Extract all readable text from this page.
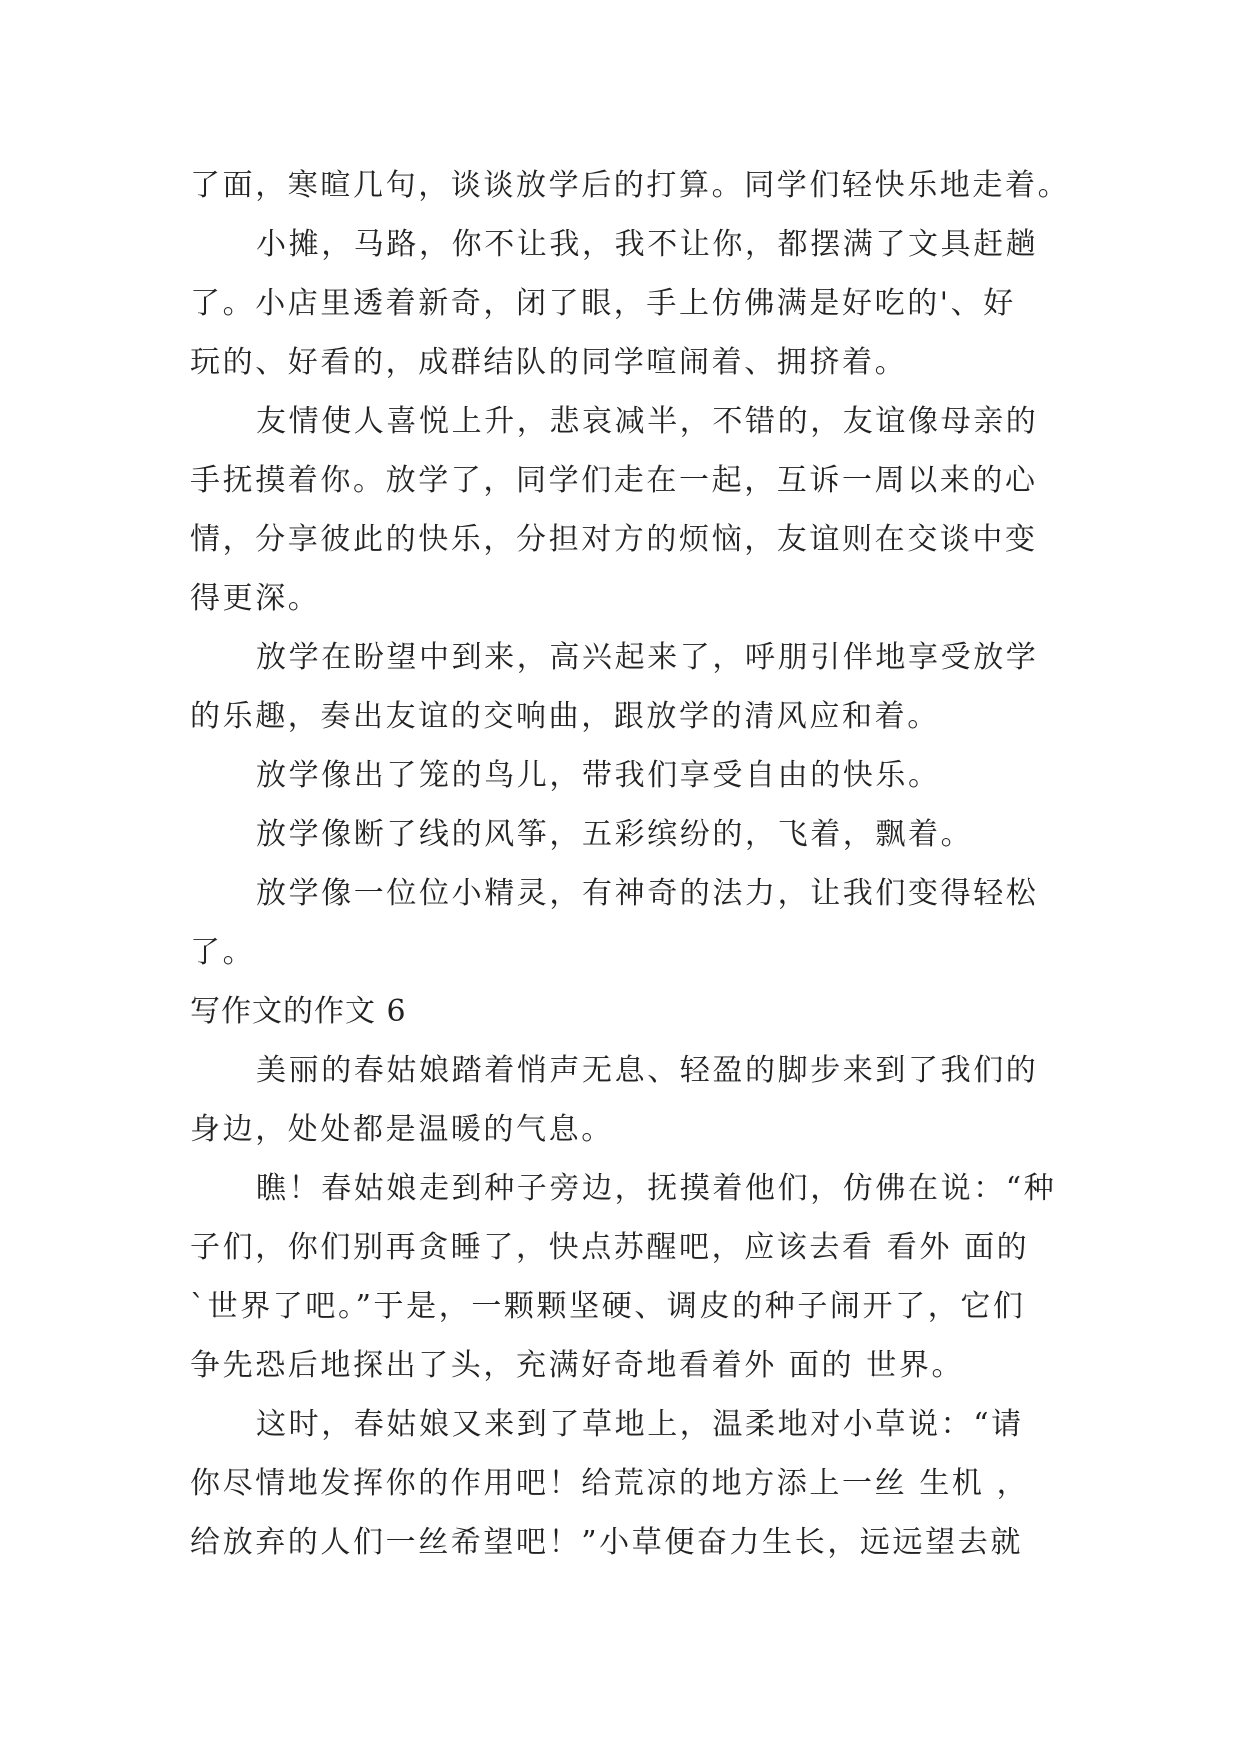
了面，寒暄几句，谈谈放学后的打算。同学们轻快乐地走着。
小摊，马路，你不让我，我不让你，都摆满了文具赶趟
了。小店里透着新奇，闭了眼，手上仿佛满是好吃的'、好
玩的、好看的，成群结队的同学喧闹着、拥挤着。
友情使人喜悦上升，悲哀减半，不错的，友谊像母亲的
手抚摸着你。放学了，同学们走在一起，互诉一周以来的心
情，分享彼此的快乐，分担对方的烦恼，友谊则在交谈中变
得更深。
放学在盼望中到来，高兴起来了，呼朋引伴地享受放学
的乐趣，奏出友谊的交响曲，跟放学的清风应和着。
放学像出了笼的鸟儿，带我们享受自由的快乐。
放学像断了线的风筝，五彩缤纷的，飞着，飘着。
放学像一位位小精灵，有神奇的法力，让我们变得轻松
了。
写作文的作文 6
美丽的春姑娘踏着悄声无息、轻盈的脚步来到了我们的
身边，处处都是温暖的气息。
瞧！春姑娘走到种子旁边，抚摸着他们，仿佛在说：“种
子们，你们别再贪睡了，快点苏醒吧，应该去看 看外 面的
`世界了吧。”于是，一颗颗坚硬、调皮的种子闹开了，它们
争先恐后地探出了头，充满好奇地看着外 面的 世界。
这时，春姑娘又来到了草地上，温柔地对小草说：“请
你尽情地发挥你的作用吧！给荒凉的地方添上一丝 生机 ，
给放弃的人们一丝希望吧！”小草便奋力生长，远远望去就
